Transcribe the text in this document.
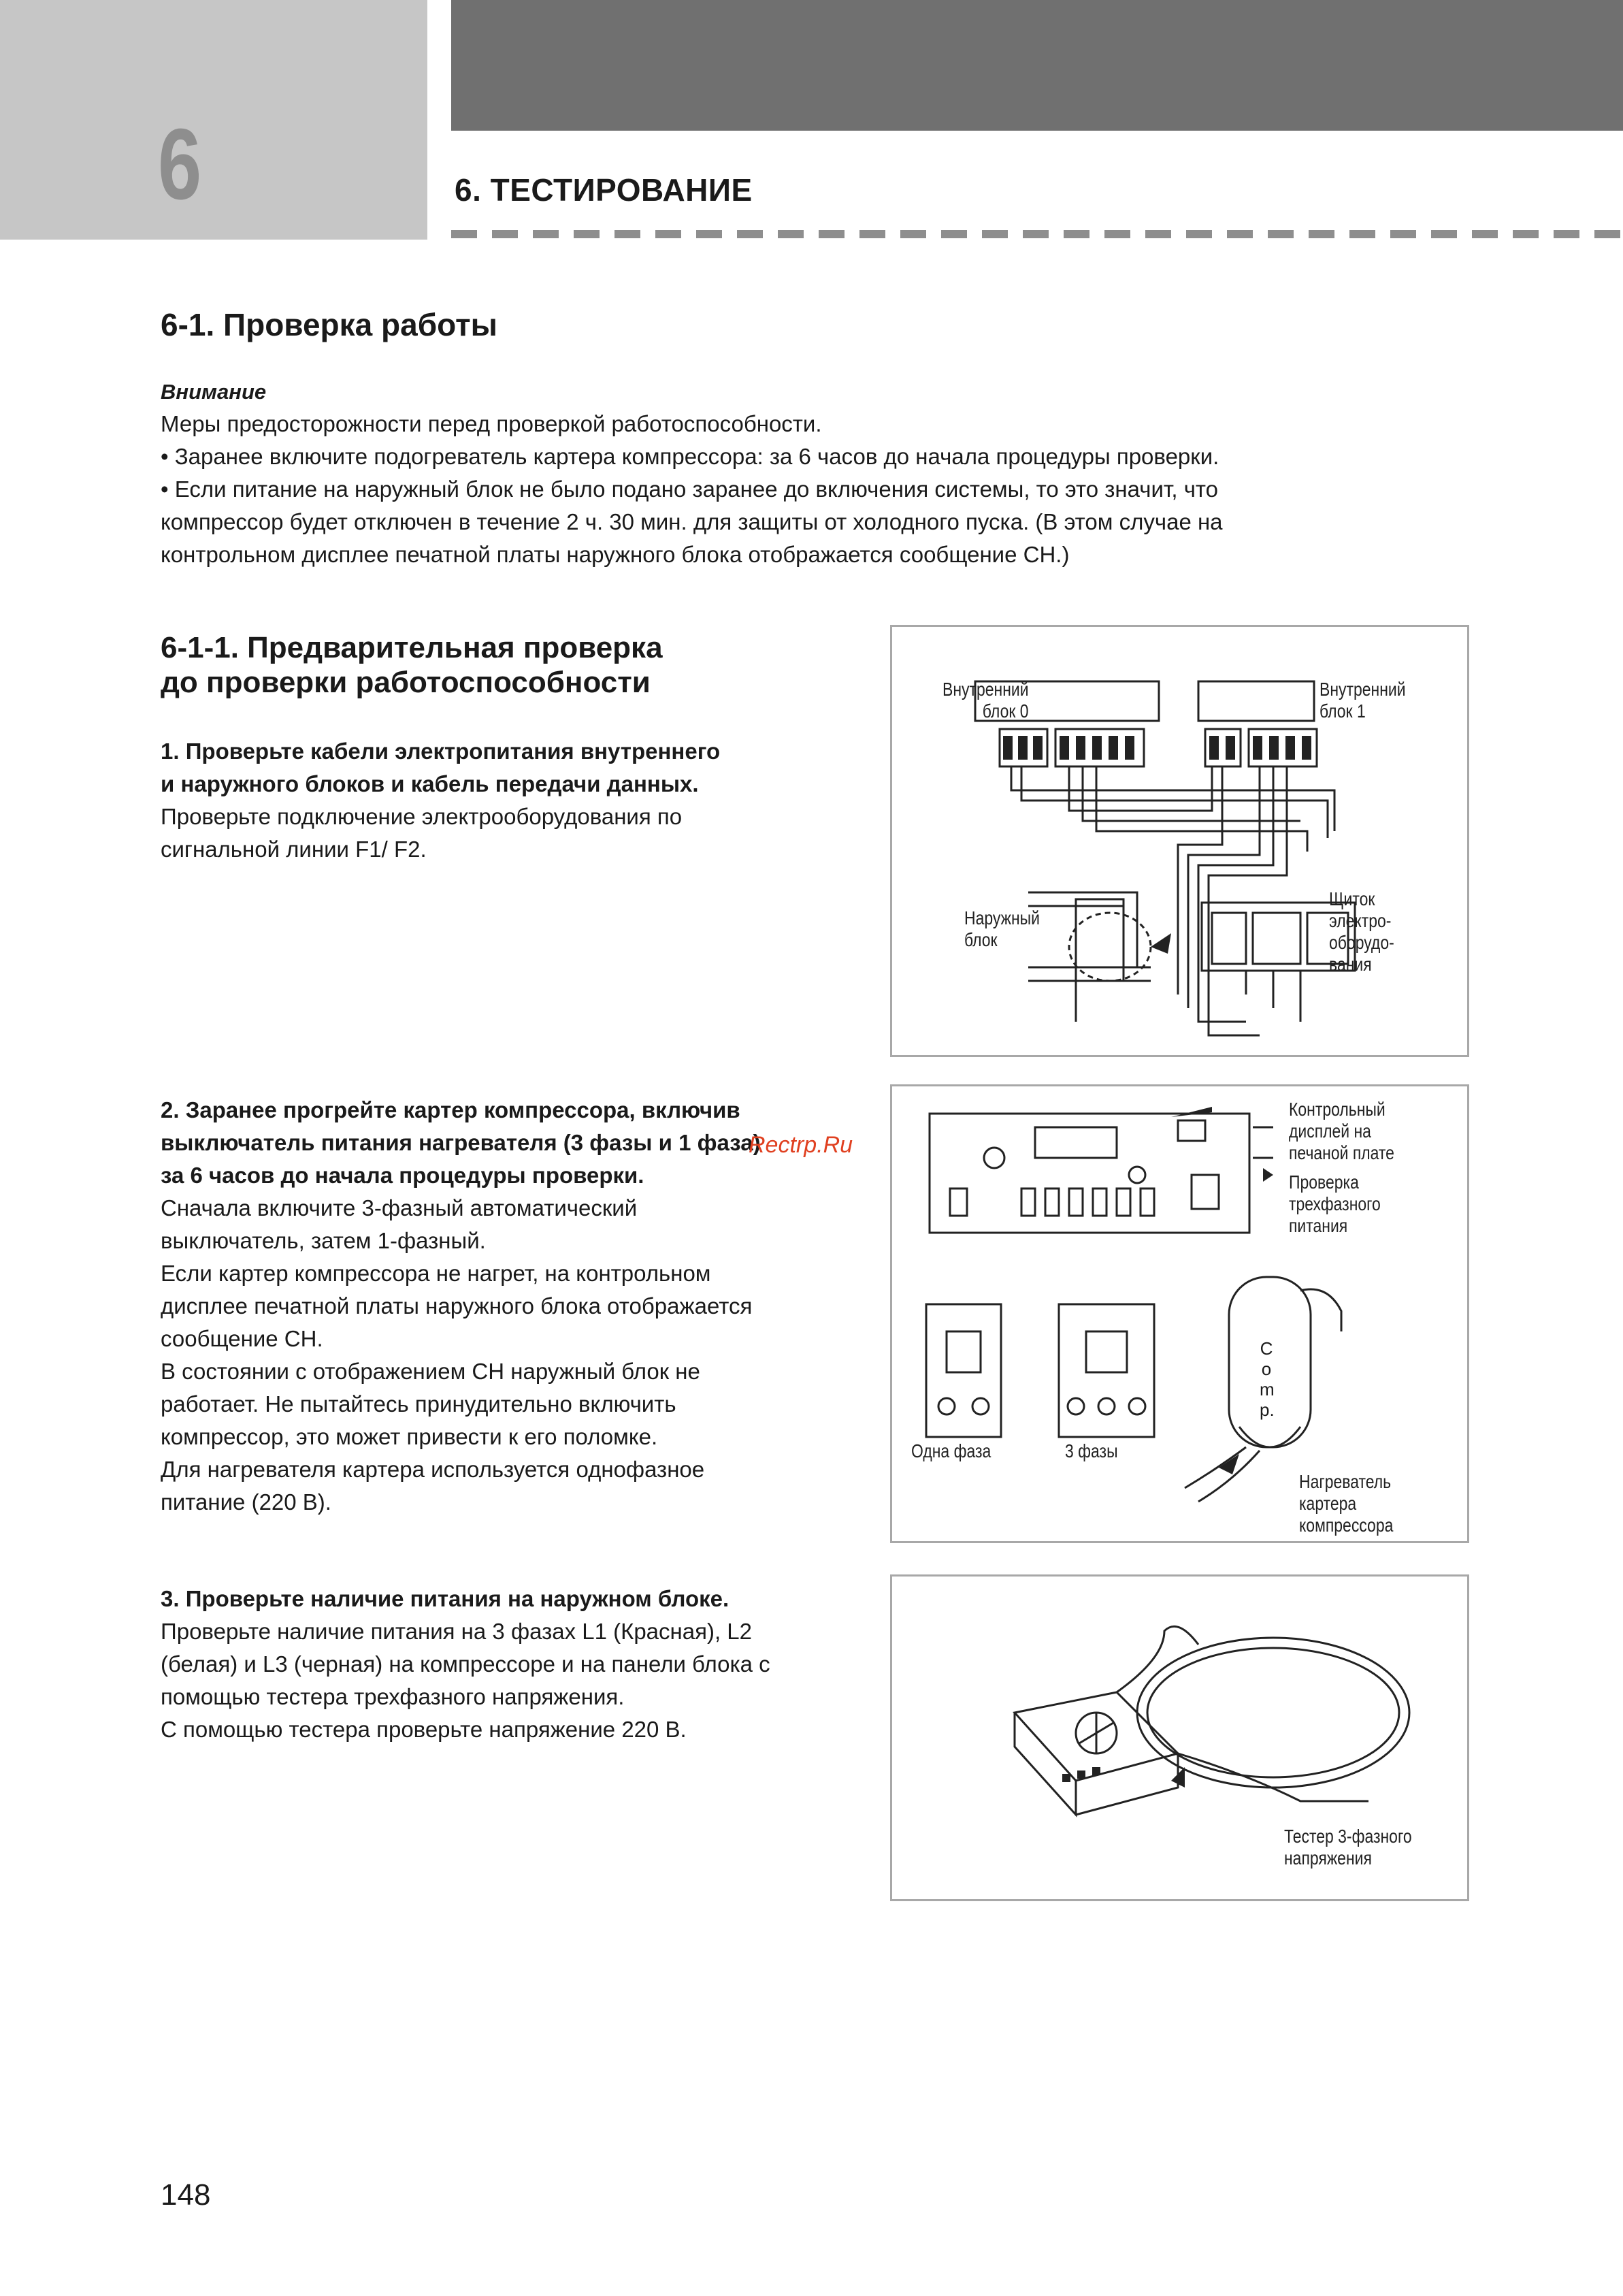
6	6. ТЕСТИРОВАНИЕ
6-1. Проверка работы
Внимание
Меры предосторожности перед проверкой работоспособности.
• Заранее включите подогреватель картера компрессора: за 6 часов до начала процедуры проверки.
• Если питание на наружный блок не было подано заранее до включения системы, то это значит, что
компрессор будет отключен в течение 2 ч. 30 мин. для защиты от холодного пуска. (В этом случае на
контрольном дисплее печатной платы наружного блока отображается сообщение CH.)
6-1-1. Предварительная проверка
до проверки работоспособности
1. Проверьте кабели электропитания внутреннего
и наружного блоков и кабель передачи данных.
Проверьте подключение электрооборудования по
сигнальной линии F1/ F2.
2. Заранее прогрейте картер компрессора, включив
выключатель питания нагревателя (3 фазы и 1 фаза)
за 6 часов до начала процедуры проверки.
Сначала включите 3-фазный автоматический
выключатель, затем 1-фазный.
Если картер компрессора не нагрет, на контрольном
дисплее печатной платы наружного блока отображается
сообщение CH.
В состоянии с отображением CH наружный блок не
работает. Не пытайтесь принудительно включить
компрессор, это может привести к его поломке.
Для нагревателя картера используется однофазное
питание (220 В).
Rectrp.Ru
3. Проверьте наличие питания на наружном блоке.
Проверьте наличие питания на 3 фазах L1 (Красная), L2
(белая) и L3 (черная) на компрессоре и на панели блока с
помощью тестера трехфазного напряжения.
С помощью тестера проверьте напряжение 220 В.
Внутренний
блок 0
Внутренний
блок 1
Наружный
блок
Щиток
электро-
оборудо-
вания
Контрольный
дисплей на
печаной плате
Проверка
трехфазного
питания
Одна фаза	3 фазы
Нагреватель
картера
компрессора
Comp.
Тестер 3-фазного
напряжения
148
